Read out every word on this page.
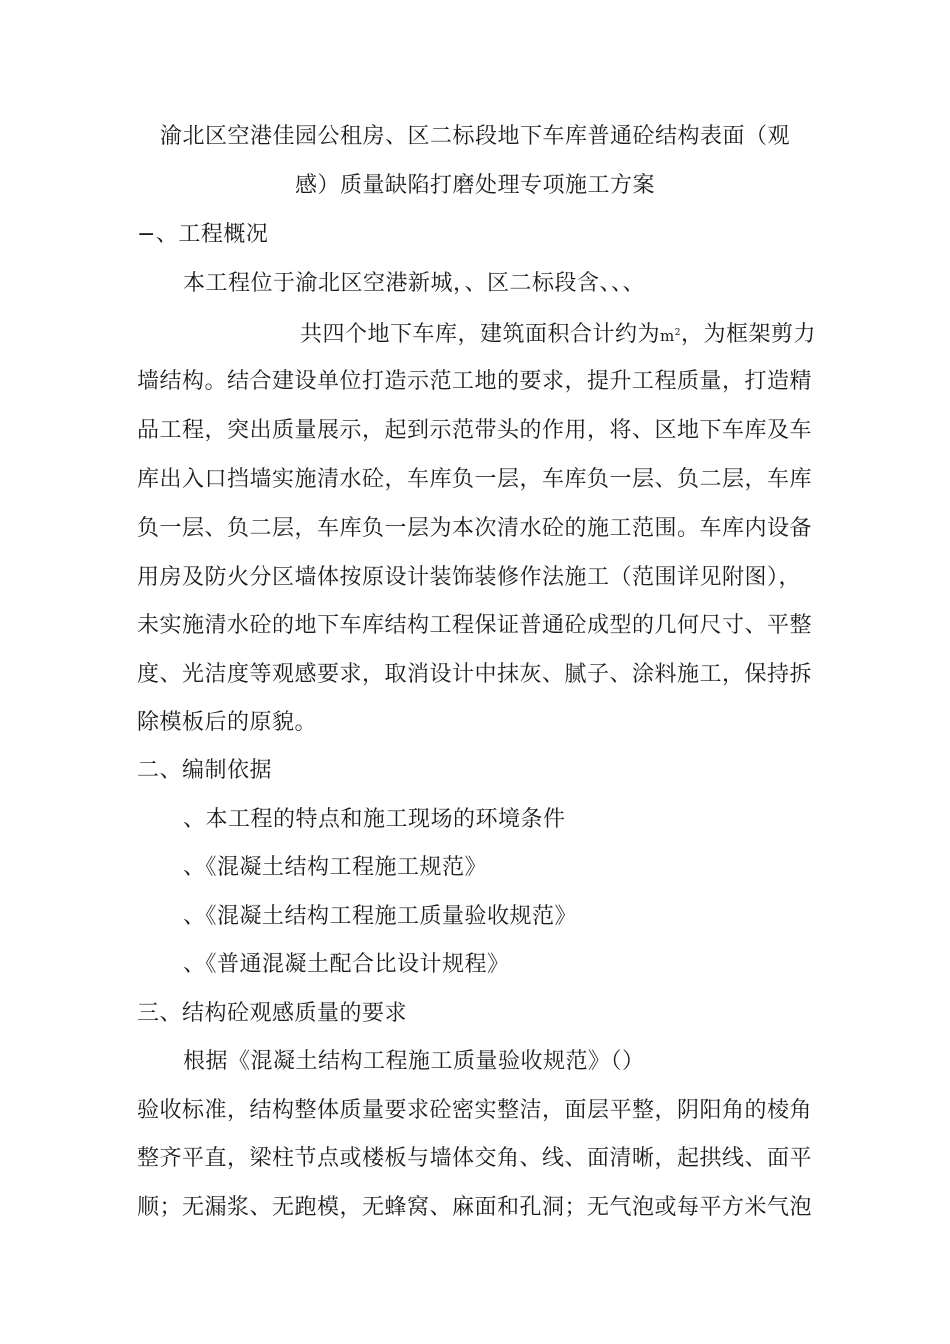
渝北区空港佳园公租房、区二标段地下车库普通砼结构表面（观
感）质量缺陷打磨处理专项施工方案
−、工程概况
本工程位于渝北区空港新城，、区二标段含、、、
共四个地下车库，建筑面积合计约为$m^2$，为框架剪力
墙结构。结合建设单位打造示范工地的要求，提升工程质量，打造精
品工程，突出质量展示，起到示范带头的作用，将、区地下车库及车
库出入口挡墙实施清水砼，车库负一层，车库负一层、负二层，车库
负一层、负二层，车库负一层为本次清水砼的施工范围。车库内设备
用房及防火分区墙体按原设计装饰装修作法施工（范围详见附图），
未实施清水砼的地下车库结构工程保证普通砼成型的几何尺寸、平整
度、光洁度等观感要求，取消设计中抹灰、腻子、涂料施工，保持拆
除模板后的原貌。
二、编制依据
、本工程的特点和施工现场的环境条件
、《混凝土结构工程施工规范》
、《混凝土结构工程施工质量验收规范》
、《普通混凝土配合比设计规程》
三、结构砼观感质量的要求
根据《混凝土结构工程施工质量验收规范》（）
验收标准，结构整体质量要求砼密实整洁，面层平整，阴阳角的棱角
整齐平直，梁柱节点或楼板与墙体交角、线、面清晰，起拱线、面平
顺；无漏浆、无跑模，无蜂窝、麻面和孔洞；无气泡或每平方米气泡
